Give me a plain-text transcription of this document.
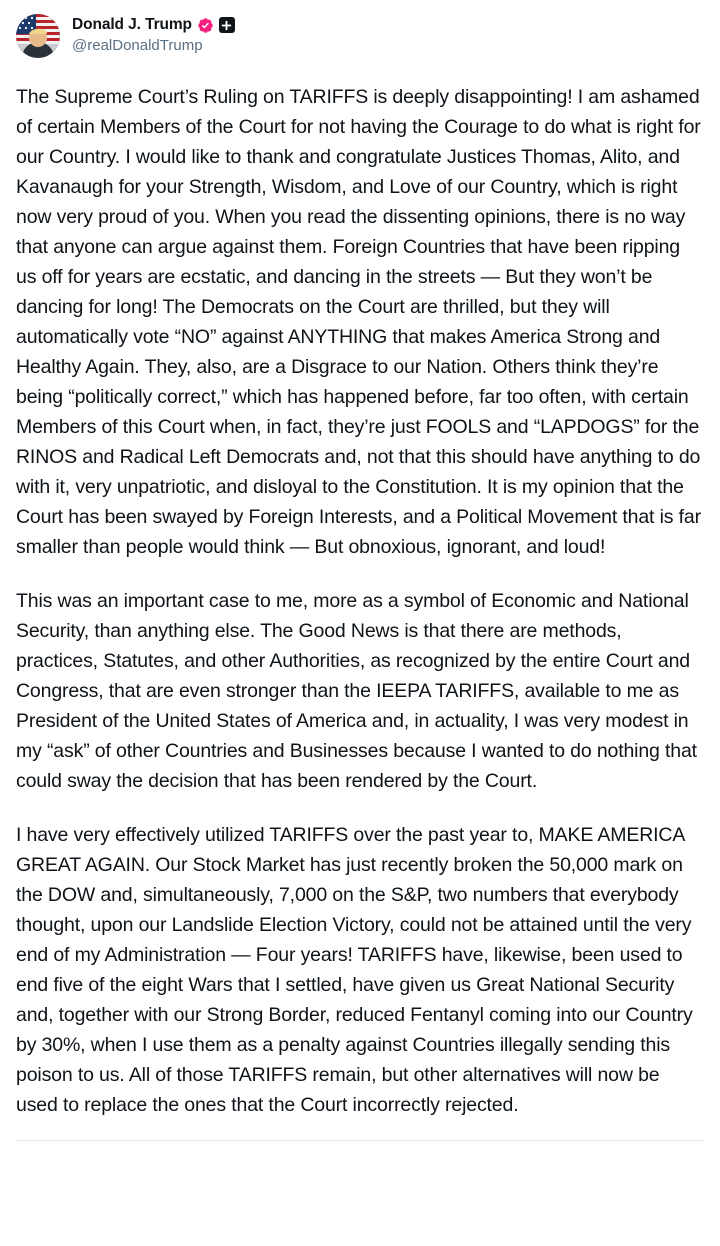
Donald J. Trump
@realDonaldTrump

The Supreme Court’s Ruling on TARIFFS is deeply disappointing! I am ashamed of certain Members of the Court for not having the Courage to do what is right for our Country. I would like to thank and congratulate Justices Thomas, Alito, and Kavanaugh for your Strength, Wisdom, and Love of our Country, which is right now very proud of you. When you read the dissenting opinions, there is no way that anyone can argue against them. Foreign Countries that have been ripping us off for years are ecstatic, and dancing in the streets — But they won’t be dancing for long! The Democrats on the Court are thrilled, but they will automatically vote “NO” against ANYTHING that makes America Strong and Healthy Again. They, also, are a Disgrace to our Nation. Others think they’re being “politically correct,” which has happened before, far too often, with certain Members of this Court when, in fact, they’re just FOOLS and “LAPDOGS” for the RINOS and Radical Left Democrats and, not that this should have anything to do with it, very unpatriotic, and disloyal to the Constitution. It is my opinion that the Court has been swayed by Foreign Interests, and a Political Movement that is far smaller than people would think — But obnoxious, ignorant, and loud!

This was an important case to me, more as a symbol of Economic and National Security, than anything else. The Good News is that there are methods, practices, Statutes, and other Authorities, as recognized by the entire Court and Congress, that are even stronger than the IEEPA TARIFFS, available to me as President of the United States of America and, in actuality, I was very modest in my “ask” of other Countries and Businesses because I wanted to do nothing that could sway the decision that has been rendered by the Court.

I have very effectively utilized TARIFFS over the past year to, MAKE AMERICA GREAT AGAIN. Our Stock Market has just recently broken the 50,000 mark on the DOW and, simultaneously, 7,000 on the S&P, two numbers that everybody thought, upon our Landslide Election Victory, could not be attained until the very end of my Administration — Four years! TARIFFS have, likewise, been used to end five of the eight Wars that I settled, have given us Great National Security and, together with our Strong Border, reduced Fentanyl coming into our Country by 30%, when I use them as a penalty against Countries illegally sending this poison to us. All of those TARIFFS remain, but other alternatives will now be used to replace the ones that the Court incorrectly rejected.
